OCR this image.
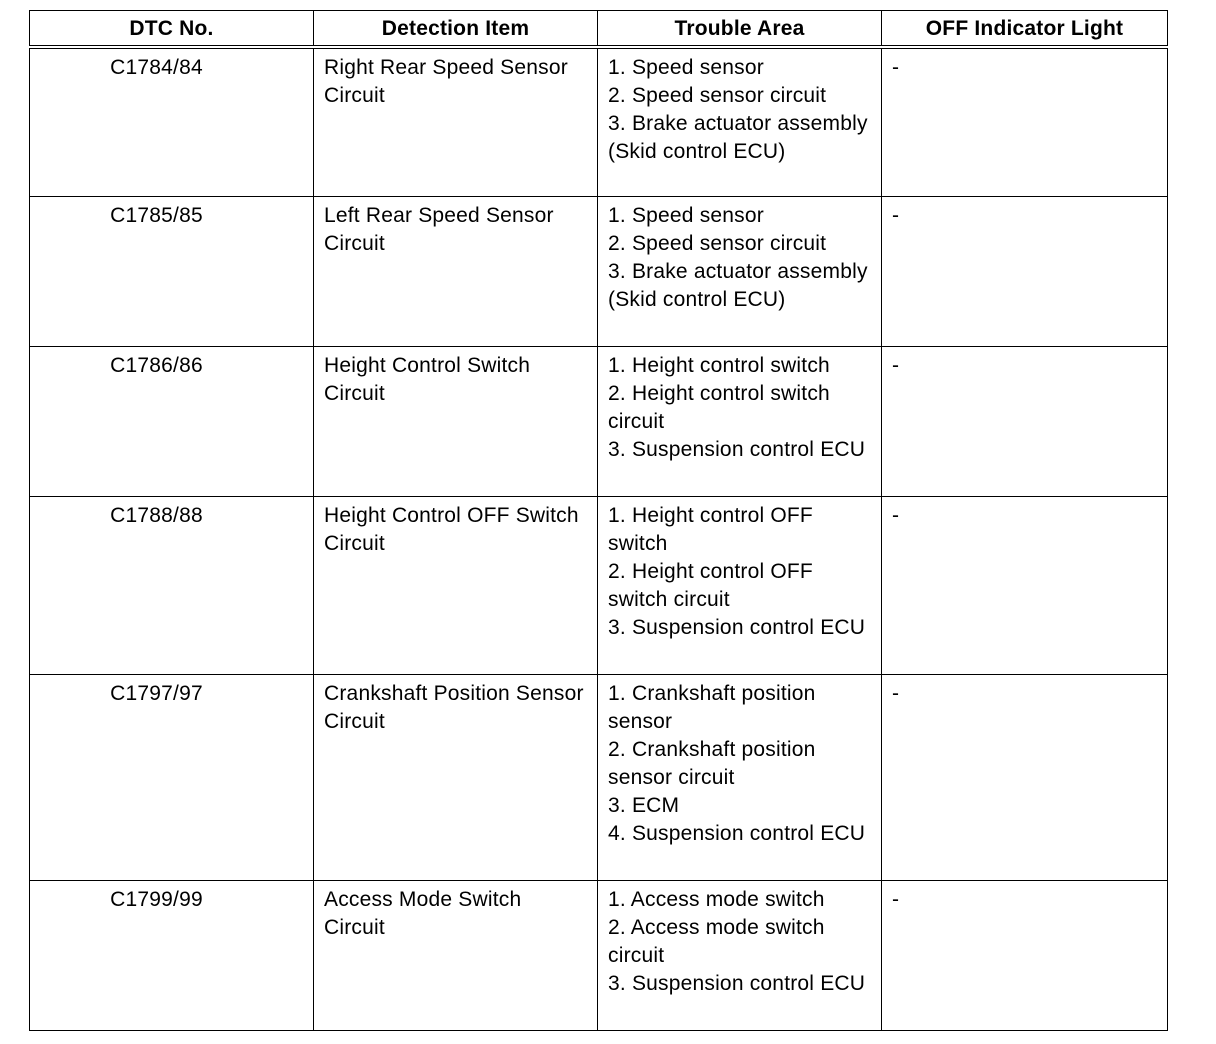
DTC No.	Detection Item	Trouble Area	OFF Indicator Light
C1784/84	Right Rear Speed Sensor Circuit	1. Speed sensor
2. Speed sensor circuit
3. Brake actuator assembly (Skid control ECU)	-
C1785/85	Left Rear Speed Sensor Circuit	1. Speed sensor
2. Speed sensor circuit
3. Brake actuator assembly (Skid control ECU)	-
C1786/86	Height Control Switch Circuit	1. Height control switch
2. Height control switch circuit
3. Suspension control ECU	-
C1788/88	Height Control OFF Switch Circuit	1. Height control OFF switch
2. Height control OFF switch circuit
3. Suspension control ECU	-
C1797/97	Crankshaft Position Sensor Circuit	1. Crankshaft position sensor
2. Crankshaft position sensor circuit
3. ECM
4. Suspension control ECU	-
C1799/99	Access Mode Switch Circuit	1. Access mode switch
2. Access mode switch circuit
3. Suspension control ECU	-
